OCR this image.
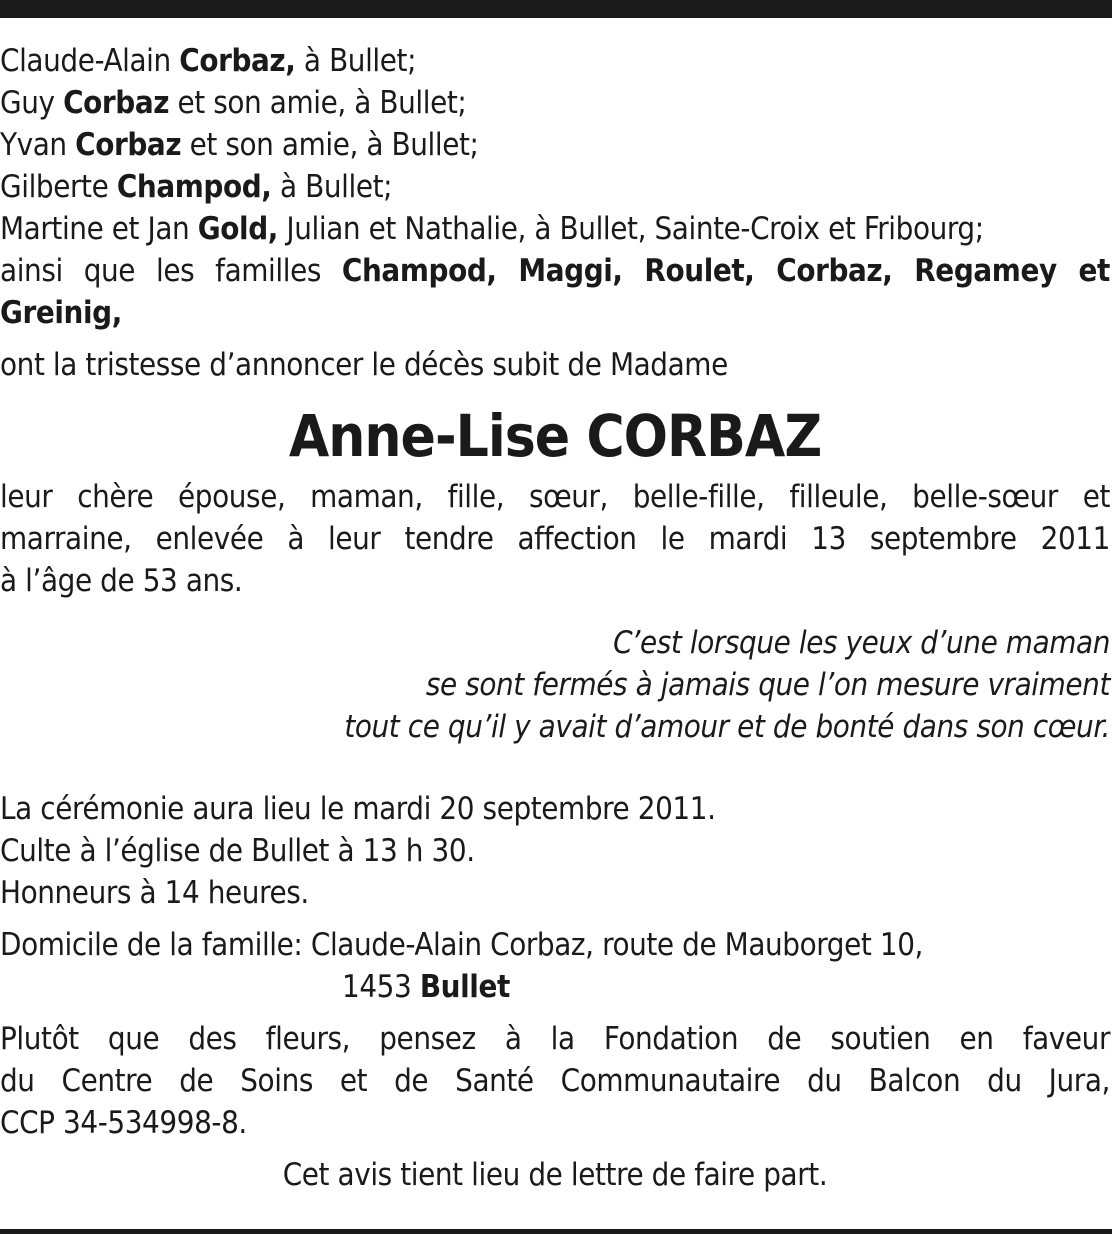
Claude-Alain Corbaz, à Bullet;
Guy Corbaz et son amie, à Bullet;
Yvan Corbaz et son amie, à Bullet;
Gilberte Champod, à Bullet;
Martine et Jan Gold, Julian et Nathalie, à Bullet, Sainte-Croix et Fribourg;
ainsi que les familles Champod, Maggi, Roulet, Corbaz, Regamey et
Greinig,
ont la tristesse d’annoncer le décès subit de Madame
Anne-Lise CORBAZ
leur chère épouse, maman, fille, sœur, belle-fille, filleule, belle-sœur et
marraine, enlevée à leur tendre affection le mardi 13 septembre 2011
à l’âge de 53 ans.
C’est lorsque les yeux d’une maman
se sont fermés à jamais que l’on mesure vraiment
tout ce qu’il y avait d’amour et de bonté dans son cœur.
La cérémonie aura lieu le mardi 20 septembre 2011.
Culte à l’église de Bullet à 13 h 30.
Honneurs à 14 heures.
Domicile de la famille: Claude-Alain Corbaz, route de Mauborget 10,
1453 Bullet
Plutôt que des fleurs, pensez à la Fondation de soutien en faveur
du Centre de Soins et de Santé Communautaire du Balcon du Jura,
CCP 34-534998-8.
Cet avis tient lieu de lettre de faire part.
